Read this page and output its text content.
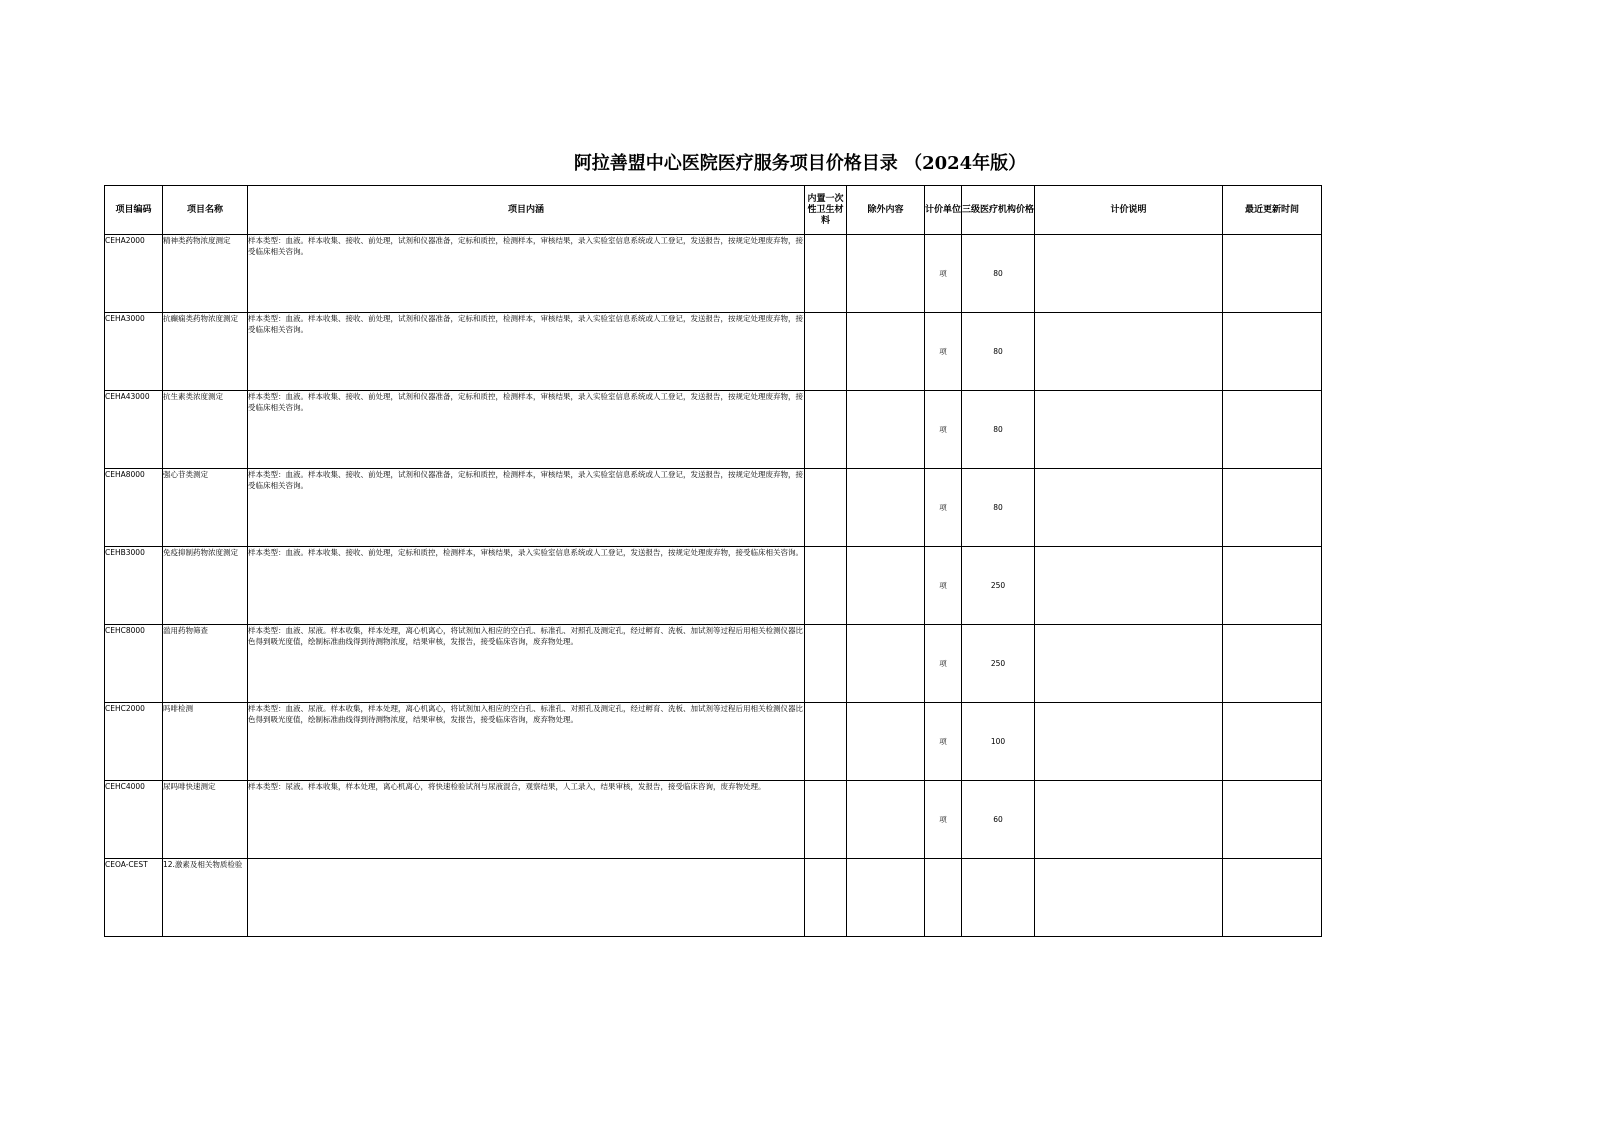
阿拉善盟中心医院医疗服务项目价格目录 （2024年版）
项目编码	项目名称	项目内涵	内置一次性卫生材料	除外内容	计价单位	三级医疗机构价格	计价说明	最近更新时间
CEHA2000	精神类药物浓度测定	样本类型：血液。样本收集、接收、前处理，试剂和仪器准备，定标和质控，检测样本，审核结果，录入实验室信息系统或人工登记，发送报告，按规定处理废弃物，接受临床相关咨询。			项	80		
CEHA3000	抗癫痫类药物浓度测定	样本类型：血液。样本收集、接收、前处理，试剂和仪器准备，定标和质控，检测样本，审核结果，录入实验室信息系统或人工登记，发送报告，按规定处理废弃物，接受临床相关咨询。			项	80		
CEHA43000	抗生素类浓度测定	样本类型：血液。样本收集、接收、前处理，试剂和仪器准备，定标和质控，检测样本，审核结果，录入实验室信息系统或人工登记，发送报告，按规定处理废弃物，接受临床相关咨询。			项	80		
CEHA8000	强心苷类测定	样本类型：血液。样本收集、接收、前处理，试剂和仪器准备，定标和质控，检测样本，审核结果，录入实验室信息系统或人工登记，发送报告，按规定处理废弃物，接受临床相关咨询。			项	80		
CEHB3000	免疫抑制药物浓度测定	样本类型：血液。样本收集、接收、前处理，定标和质控，检测样本，审核结果，录入实验室信息系统或人工登记，发送报告，按规定处理废弃物，接受临床相关咨询。			项	250		
CEHC8000	滥用药物筛查	样本类型：血液、尿液。样本收集，样本处理，离心机离心，将试剂加入相应的空白孔、标准孔、对照孔及测定孔，经过孵育、洗板、加试剂等过程后用相关检测仪器比色得到吸光度值，绘制标准曲线得到待测物浓度，结果审核，发报告，接受临床咨询，废弃物处理。			项	250		
CEHC2000	吗啡检测	样本类型：血液、尿液。样本收集，样本处理，离心机离心，将试剂加入相应的空白孔、标准孔、对照孔及测定孔，经过孵育、洗板、加试剂等过程后用相关检测仪器比色得到吸光度值，绘制标准曲线得到待测物浓度，结果审核，发报告，接受临床咨询，废弃物处理。			项	100		
CEHC4000	尿吗啡快速测定	样本类型：尿液。样本收集，样本处理，离心机离心，将快速检验试剂与尿液混合，观察结果，人工录入，结果审核，发报告，接受临床咨询，废弃物处理。			项	60		
CEOA-CEST	12.激素及相关物质检验							
